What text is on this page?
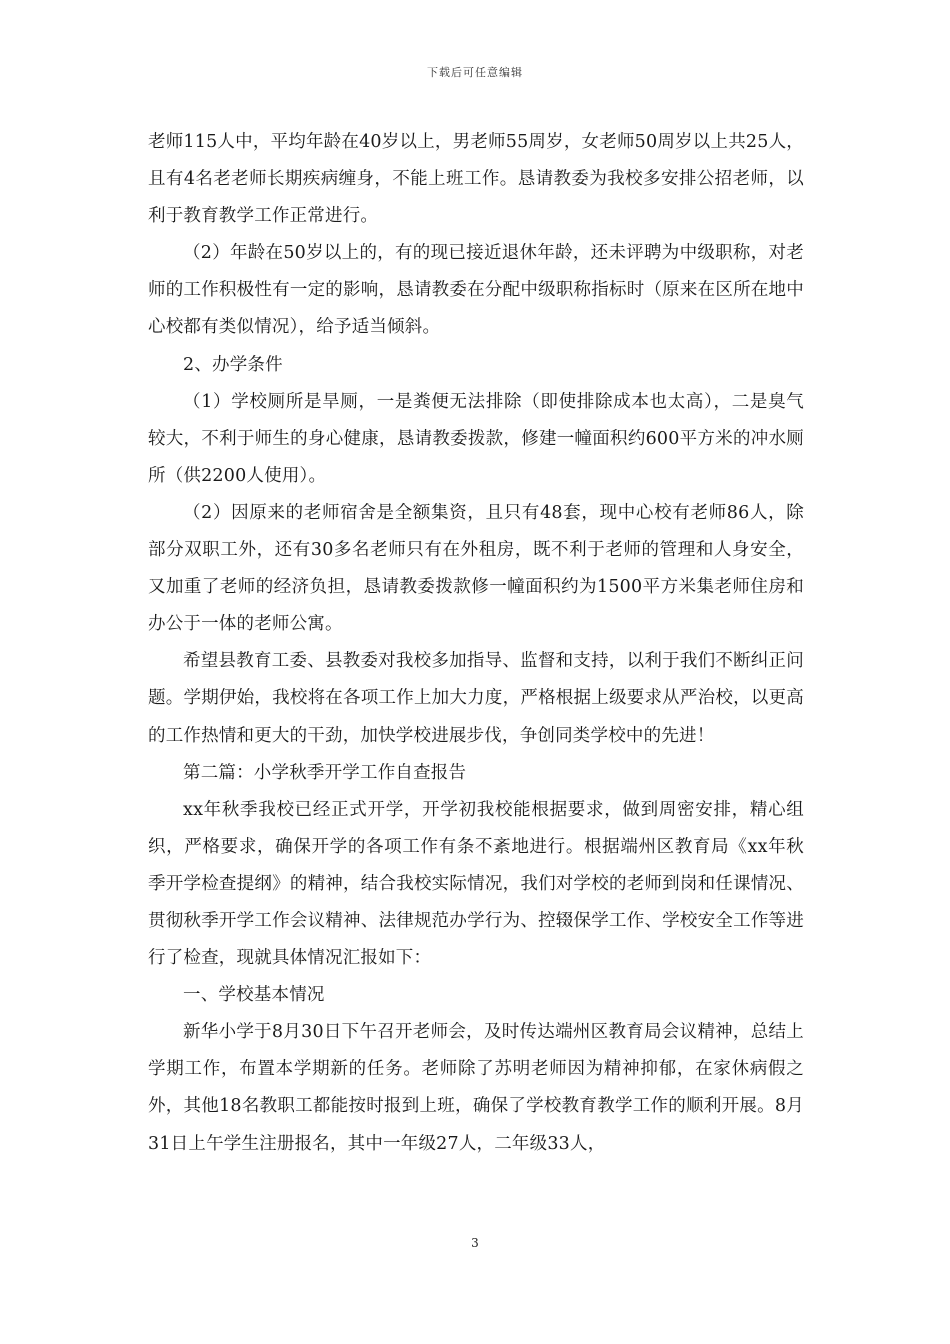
下载后可任意编辑

老师115人中，平均年龄在40岁以上，男老师55周岁，女老师50周岁以上共25人，且有4名老老师长期疾病缠身，不能上班工作。恳请教委为我校多安排公招老师，以利于教育教学工作正常进行。

（2）年龄在50岁以上的，有的现已接近退休年龄，还未评聘为中级职称，对老师的工作积极性有一定的影响，恳请教委在分配中级职称指标时（原来在区所在地中心校都有类似情况），给予适当倾斜。

2、办学条件

（1）学校厕所是旱厕，一是粪便无法排除（即使排除成本也太高），二是臭气较大，不利于师生的身心健康，恳请教委拨款，修建一幢面积约600平方米的冲水厕所（供2200人使用）。

（2）因原来的老师宿舍是全额集资，且只有48套，现中心校有老师86人，除部分双职工外，还有30多名老师只有在外租房，既不利于老师的管理和人身安全，又加重了老师的经济负担，恳请教委拨款修一幢面积约为1500平方米集老师住房和办公于一体的老师公寓。

希望县教育工委、县教委对我校多加指导、监督和支持，以利于我们不断纠正问题。学期伊始，我校将在各项工作上加大力度，严格根据上级要求从严治校，以更高的工作热情和更大的干劲，加快学校进展步伐，争创同类学校中的先进！

第二篇：小学秋季开学工作自查报告

xx年秋季我校已经正式开学，开学初我校能根据要求，做到周密安排，精心组织，严格要求，确保开学的各项工作有条不紊地进行。根据端州区教育局《xx年秋季开学检查提纲》的精神，结合我校实际情况，我们对学校的老师到岗和任课情况、贯彻秋季开学工作会议精神、法律规范办学行为、控辍保学工作、学校安全工作等进行了检查，现就具体情况汇报如下：

一、学校基本情况

新华小学于8月30日下午召开老师会，及时传达端州区教育局会议精神，总结上学期工作，布置本学期新的任务。老师除了苏明老师因为精神抑郁，在家休病假之外，其他18名教职工都能按时报到上班，确保了学校教育教学工作的顺利开展。8月31日上午学生注册报名，其中一年级27人，二年级33人，

3
